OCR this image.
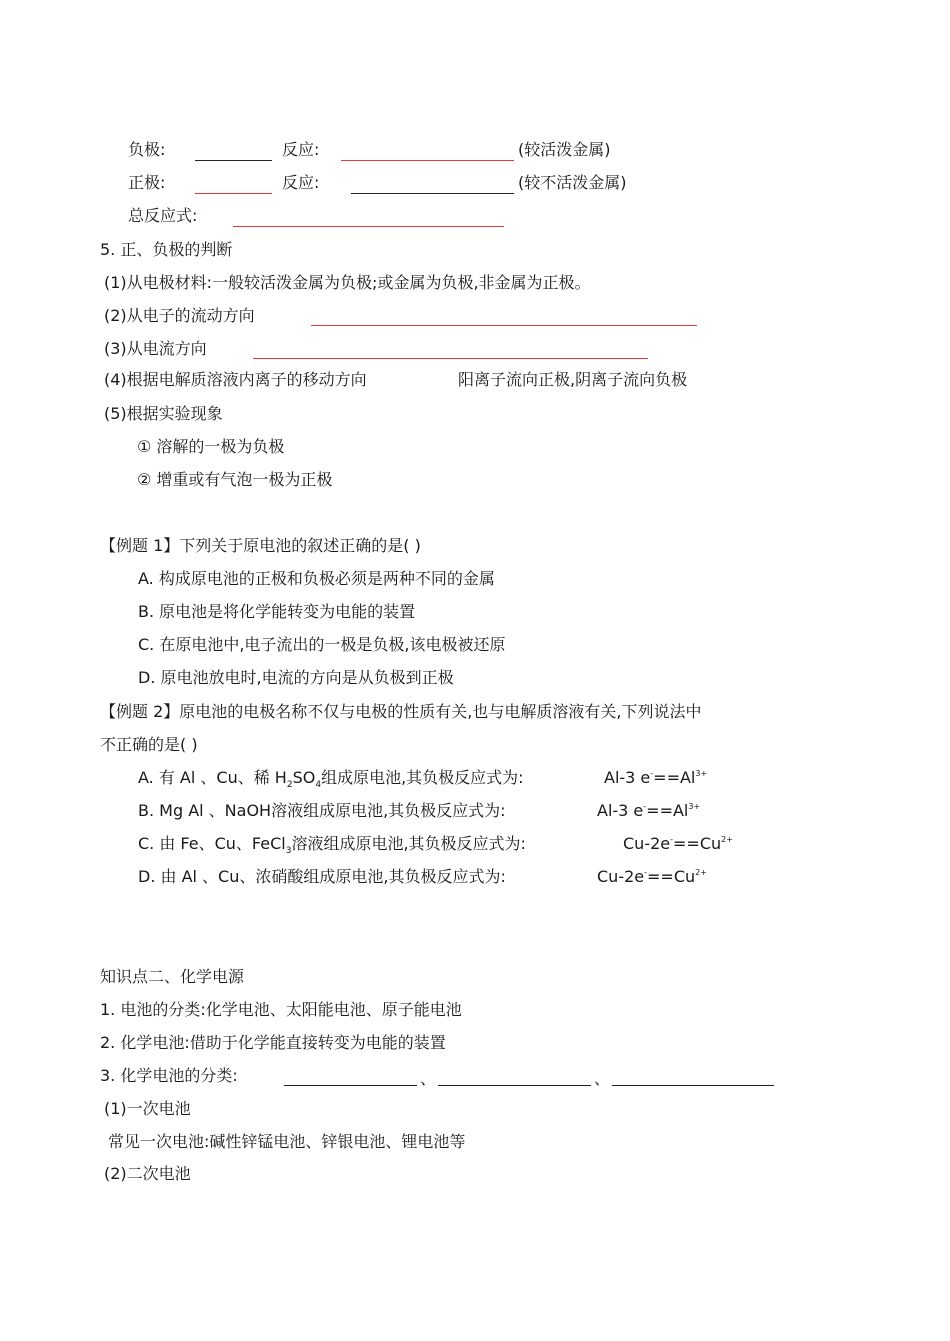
负极:	反应:	(较活泼金属)
正极:	反应:	(较不活泼金属)
总反应式:
5. 正、负极的判断
(1)从电极材料:一般较活泼金属为负极;或金属为负极,非金属为正极。
(2)从电子的流动方向
(3)从电流方向
(4)根据电解质溶液内离子的移动方向	阳离子流向正极,阴离子流向负极
(5)根据实验现象
① 溶解的一极为负极
② 增重或有气泡一极为正极
【例题 1】下列关于原电池的叙述正确的是( )
A. 构成原电池的正极和负极必须是两种不同的金属
B. 原电池是将化学能转变为电能的装置
C. 在原电池中,电子流出的一极是负极,该电极被还原
D. 原电池放电时,电流的方向是从负极到正极
【例题 2】原电池的电极名称不仅与电极的性质有关,也与电解质溶液有关,下列说法中
不正确的是( )
A. 有 Al 、Cu、稀 $H_2SO_4$组成原电池,其负极反应式为:	Al-3 $e^-==Al^{3+}$
B. Mg Al 、NaOH溶液组成原电池,其负极反应式为:	Al-3 $e^-==Al^{3+}$
C. 由 Fe、Cu、FeCl$_3$溶液组成原电池,其负极反应式为:	$Cu-2e^-==Cu^{2+}$
D. 由 Al 、Cu、浓硝酸组成原电池,其负极反应式为:	$Cu-2e^-==Cu^{2+}$
知识点二、化学电源
1. 电池的分类:化学电池、太阳能电池、原子能电池
2. 化学电池:借助于化学能直接转变为电能的装置
3. 化学电池的分类:	、	、
(1)一次电池
常见一次电池:碱性锌锰电池、锌银电池、锂电池等
(2)二次电池
